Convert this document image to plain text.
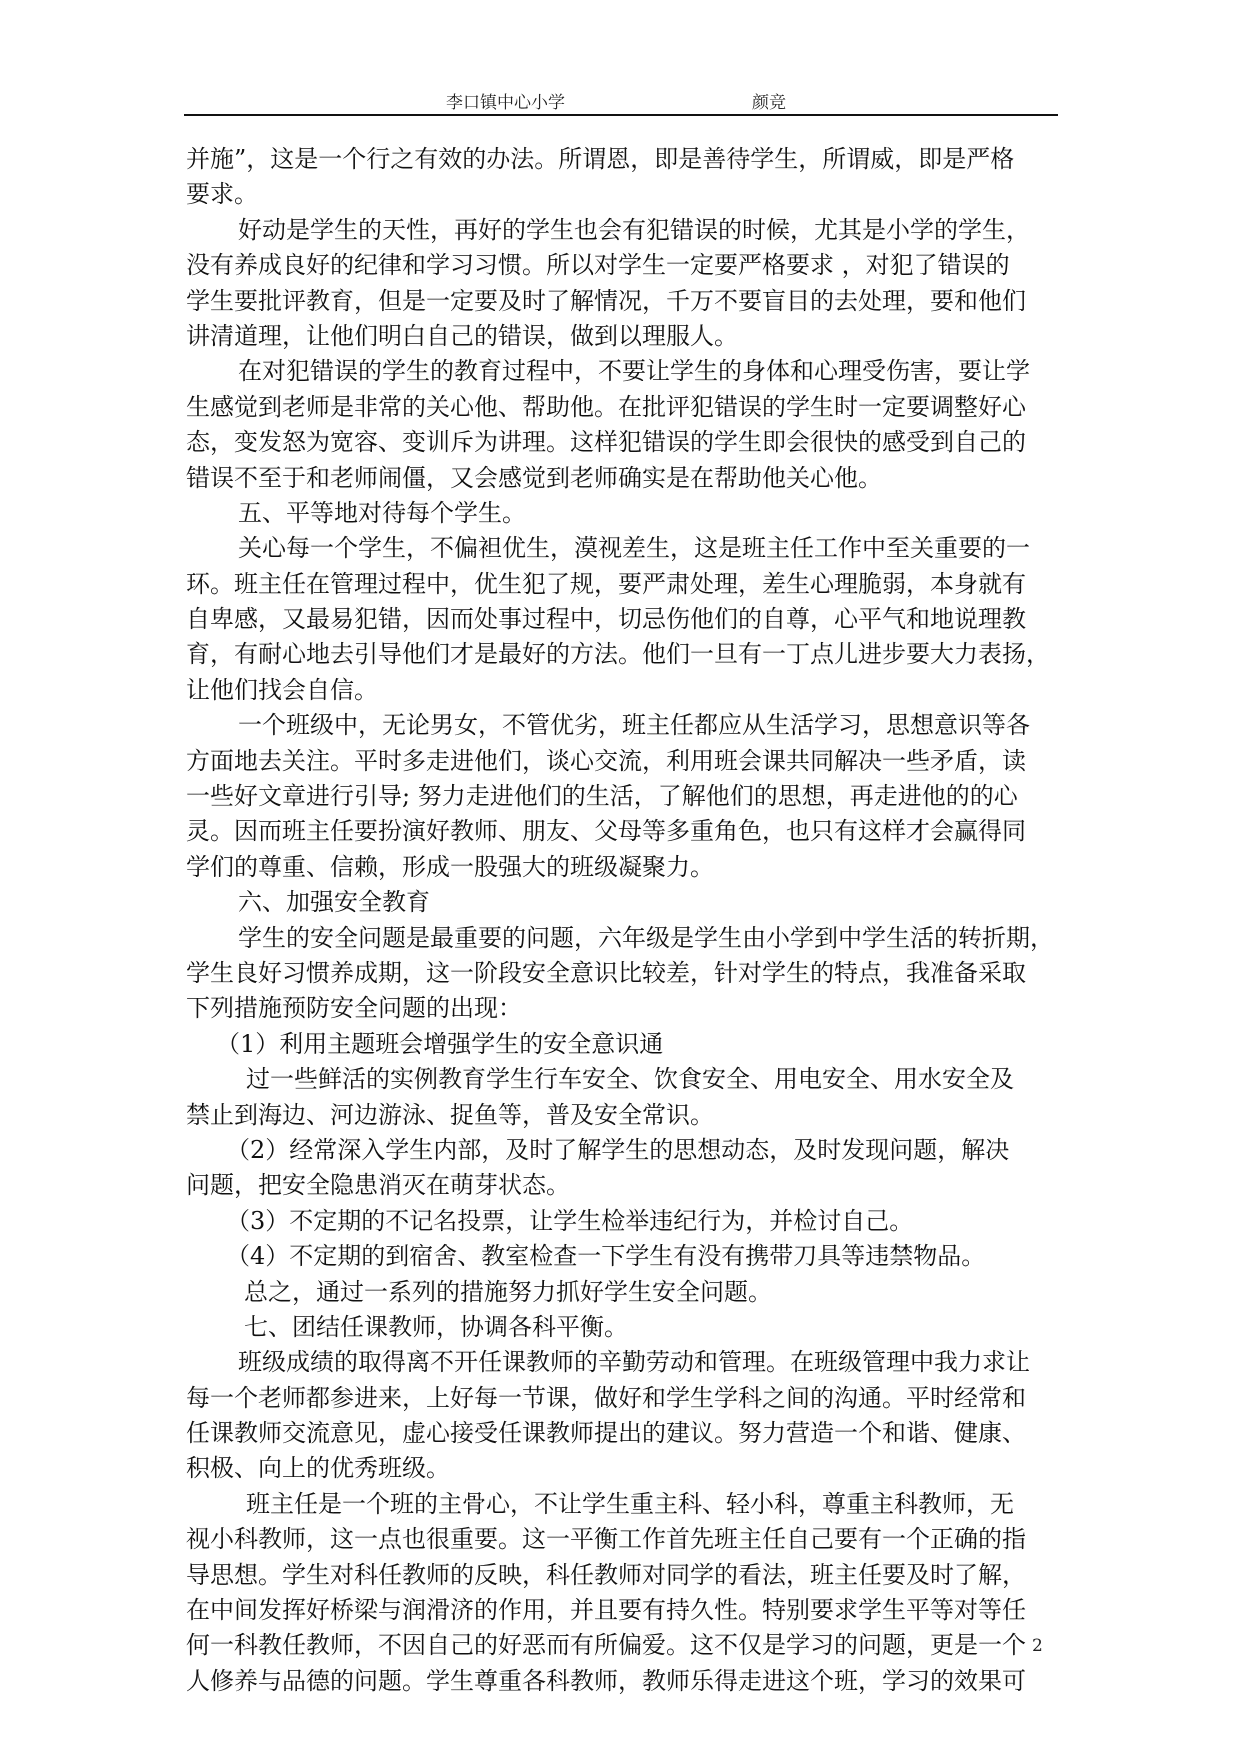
李口镇中心小学	颜竞
并施”，这是一个行之有效的办法。所谓恩，即是善待学生，所谓威，即是严格
要求。
好动是学生的天性，再好的学生也会有犯错误的时候，尤其是小学的学生，
没有养成良好的纪律和学习习惯。所以对学生一定要严格要求 ，对犯了错误的
学生要批评教育，但是一定要及时了解情况，千万不要盲目的去处理，要和他们
讲清道理，让他们明白自己的错误，做到以理服人。
在对犯错误的学生的教育过程中，不要让学生的身体和心理受伤害，要让学
生感觉到老师是非常的关心他、帮助他。在批评犯错误的学生时一定要调整好心
态，变发怒为宽容、变训斥为讲理。这样犯错误的学生即会很快的感受到自己的
错误不至于和老师闹僵，又会感觉到老师确实是在帮助他关心他。
五、平等地对待每个学生。
关心每一个学生，不偏袒优生，漠视差生，这是班主任工作中至关重要的一
环。班主任在管理过程中，优生犯了规，要严肃处理，差生心理脆弱，本身就有
自卑感，又最易犯错，因而处事过程中，切忌伤他们的自尊，心平气和地说理教
育，有耐心地去引导他们才是最好的方法。他们一旦有一丁点儿进步要大力表扬，
让他们找会自信。
一个班级中，无论男女，不管优劣，班主任都应从生活学习，思想意识等各
方面地去关注。平时多走进他们，谈心交流，利用班会课共同解决一些矛盾，读
一些好文章进行引导; 努力走进他们的生活，了解他们的思想，再走进他的的心
灵。因而班主任要扮演好教师、朋友、父母等多重角色，也只有这样才会赢得同
学们的尊重、信赖，形成一股强大的班级凝聚力。
六、加强安全教育
学生的安全问题是最重要的问题，六年级是学生由小学到中学生活的转折期，
学生良好习惯养成期，这一阶段安全意识比较差，针对学生的特点，我准备采取
下列措施预防安全问题的出现：
（1）利用主题班会增强学生的安全意识通
过一些鲜活的实例教育学生行车安全、饮食安全、用电安全、用水安全及
禁止到海边、河边游泳、捉鱼等，普及安全常识。
（2）经常深入学生内部，及时了解学生的思想动态，及时发现问题，解决
问题，把安全隐患消灭在萌芽状态。
（3）不定期的不记名投票，让学生检举违纪行为，并检讨自己。
（4）不定期的到宿舍、教室检查一下学生有没有携带刀具等违禁物品。
总之，通过一系列的措施努力抓好学生安全问题。
七、团结任课教师，协调各科平衡。
班级成绩的取得离不开任课教师的辛勤劳动和管理。在班级管理中我力求让
每一个老师都参进来，上好每一节课，做好和学生学科之间的沟通。平时经常和
任课教师交流意见，虚心接受任课教师提出的建议。努力营造一个和谐、健康、
积极、向上的优秀班级。
班主任是一个班的主骨心，不让学生重主科、轻小科，尊重主科教师，无
视小科教师，这一点也很重要。这一平衡工作首先班主任自己要有一个正确的指
导思想。学生对科任教师的反映，科任教师对同学的看法，班主任要及时了解，
在中间发挥好桥梁与润滑济的作用，并且要有持久性。特别要求学生平等对等任
何一科教任教师，不因自己的好恶而有所偏爱。这不仅是学习的问题，更是一个
人修养与品德的问题。学生尊重各科教师，教师乐得走进这个班，学习的效果可
2
